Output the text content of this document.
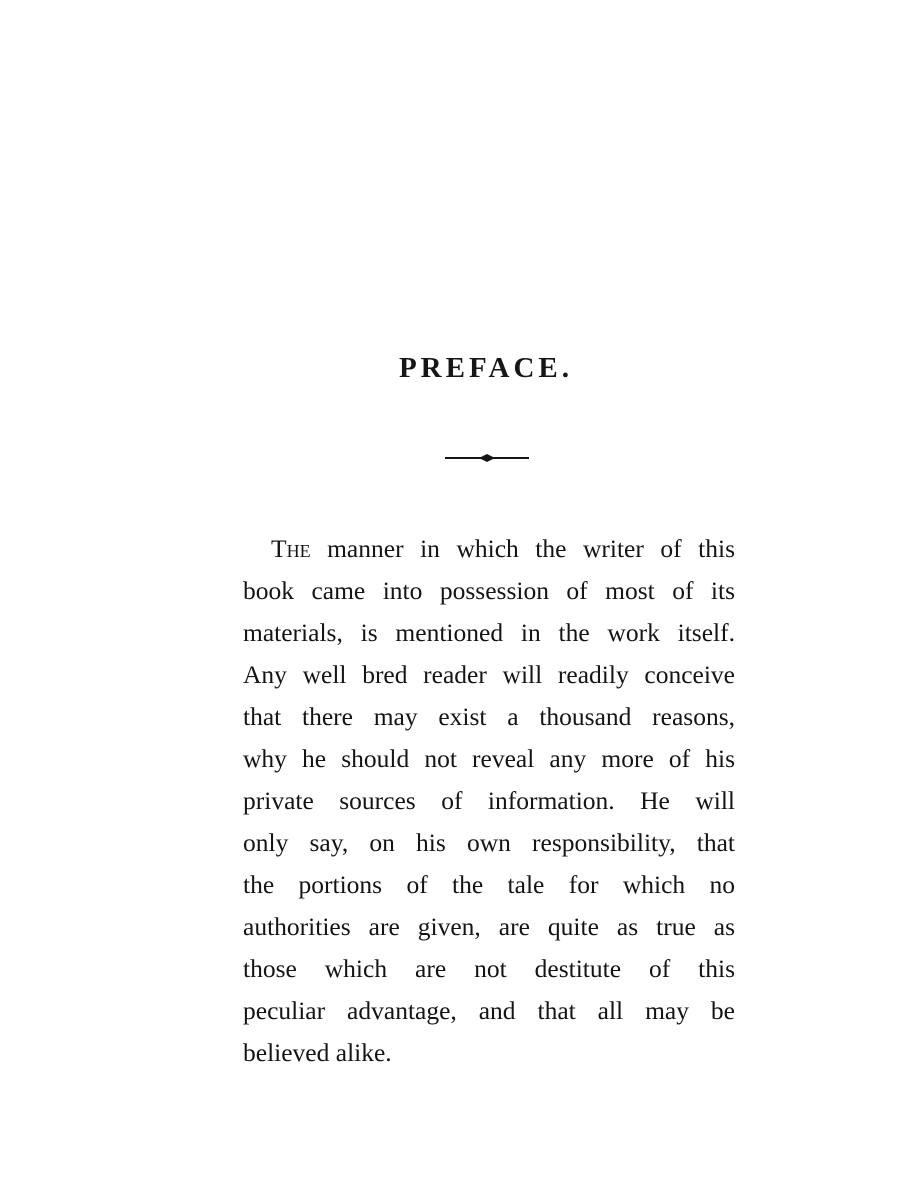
PREFACE.
The manner in which the writer of this
book came into possession of most of its
materials, is mentioned in the work itself.
Any well bred reader will readily conceive
that there may exist a thousand reasons,
why he should not reveal any more of his
private sources of information. He will
only say, on his own responsibility, that
the portions of the tale for which no
authorities are given, are quite as true as
those which are not destitute of this
peculiar advantage, and that all may be
believed alike.
